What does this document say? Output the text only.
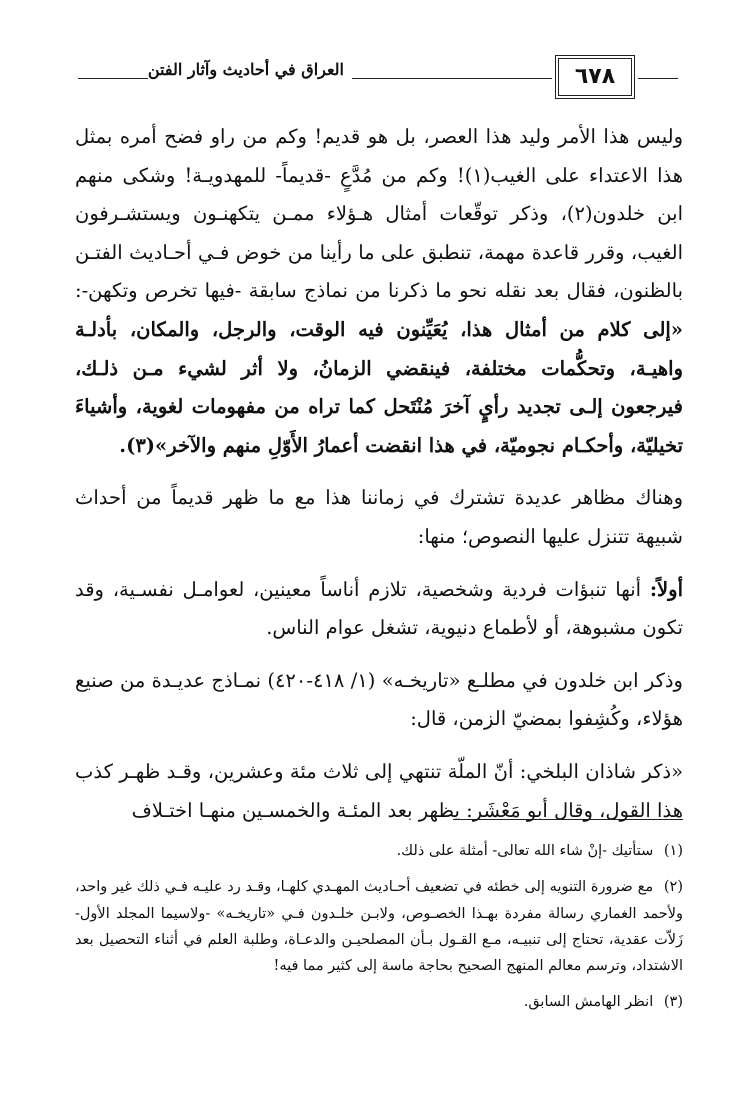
العراق في أحاديث وآثار الفتن	٦٧٨

وليس هذا الأمر وليد هذا العصر، بل هو قديم! وكم من راو فضح أمره بمثل هذا الاعتداء على الغيب(١)! وكم من مُدَّعٍ -قديماً- للمهدويـة! وشكى منهم ابن خلدون(٢)، وذكر توقّعات أمثال هـؤلاء ممـن يتكهنـون ويستشـرفون الغيب، وقرر قاعدة مهمة، تنطبق على ما رأينا من خوض فـي أحـاديث الفتـن بالظنون، فقال بعد نقله نحو ما ذكرنا من نماذج سابقة -فيها تخرص وتكهن-: «إلى كلام من أمثال هذا، يُعَيِّنون فيه الوقت، والرجل، والمكان، بأدلـة واهيـة، وتحكُّمات مختلفة، فينقضي الزمانُ، ولا أثر لشيء مـن ذلـك، فيرجعون إلـى تجديد رأيٍ آخرَ مُنْتَحل كما تراه من مفهومات لغوية، وأشياءَ تخيليّة، وأحكـام نجوميّة، في هذا انقضت أعمارُ الأَوّلِ منهم والآخر»(٣).

وهناك مظاهر عديدة تشترك في زماننا هذا مع ما ظهر قديماً من أحداث شبيهة تتنزل عليها النصوص؛ منها:

أولاً: أنها تنبؤات فردية وشخصية، تلازم أناساً معينين، لعوامـل نفسـية، وقد تكون مشبوهة، أو لأطماع دنيوية، تشغل عوام الناس.

وذكر ابن خلدون في مطلـع «تاريخـه» (١/ ٤١٨-٤٢٠) نمـاذج عديـدة من صنيع هؤلاء، وكُشِفوا بمضيّ الزمن، قال:

«ذكر شاذان البلخي: أنّ الملّة تنتهي إلى ثلاث مئة وعشرين، وقـد ظهـر كذب هذا القول، وقال أبو مَعْشَر: يظهر بعد المئـة والخمسـين منهـا اختـلاف

(١) ستأتيك -إنْ شاء الله تعالى- أمثلة على ذلك.

(٢) مع ضرورة التنويه إلى خطئه في تضعيف أحـاديث المهـدي كلهـا، وقـد رد عليـه فـي ذلك غير واحد، ولأحمد الغماري رسالة مفردة بهـذا الخصـوص، ولابـن خلـدون فـي «تاريخـه» -ولاسيما المجلد الأول- زَلاّت عقدية، تحتاج إلى تنبيـه، مـع القـول بـأن المصلحيـن والدعـاة، وطلبة العلم في أثناء التحصيل بعد الاشتداد، وترسم معالم المنهج الصحيح بحاجة ماسة إلى كثير مما فيه!

(٣) انظر الهامش السابق.
